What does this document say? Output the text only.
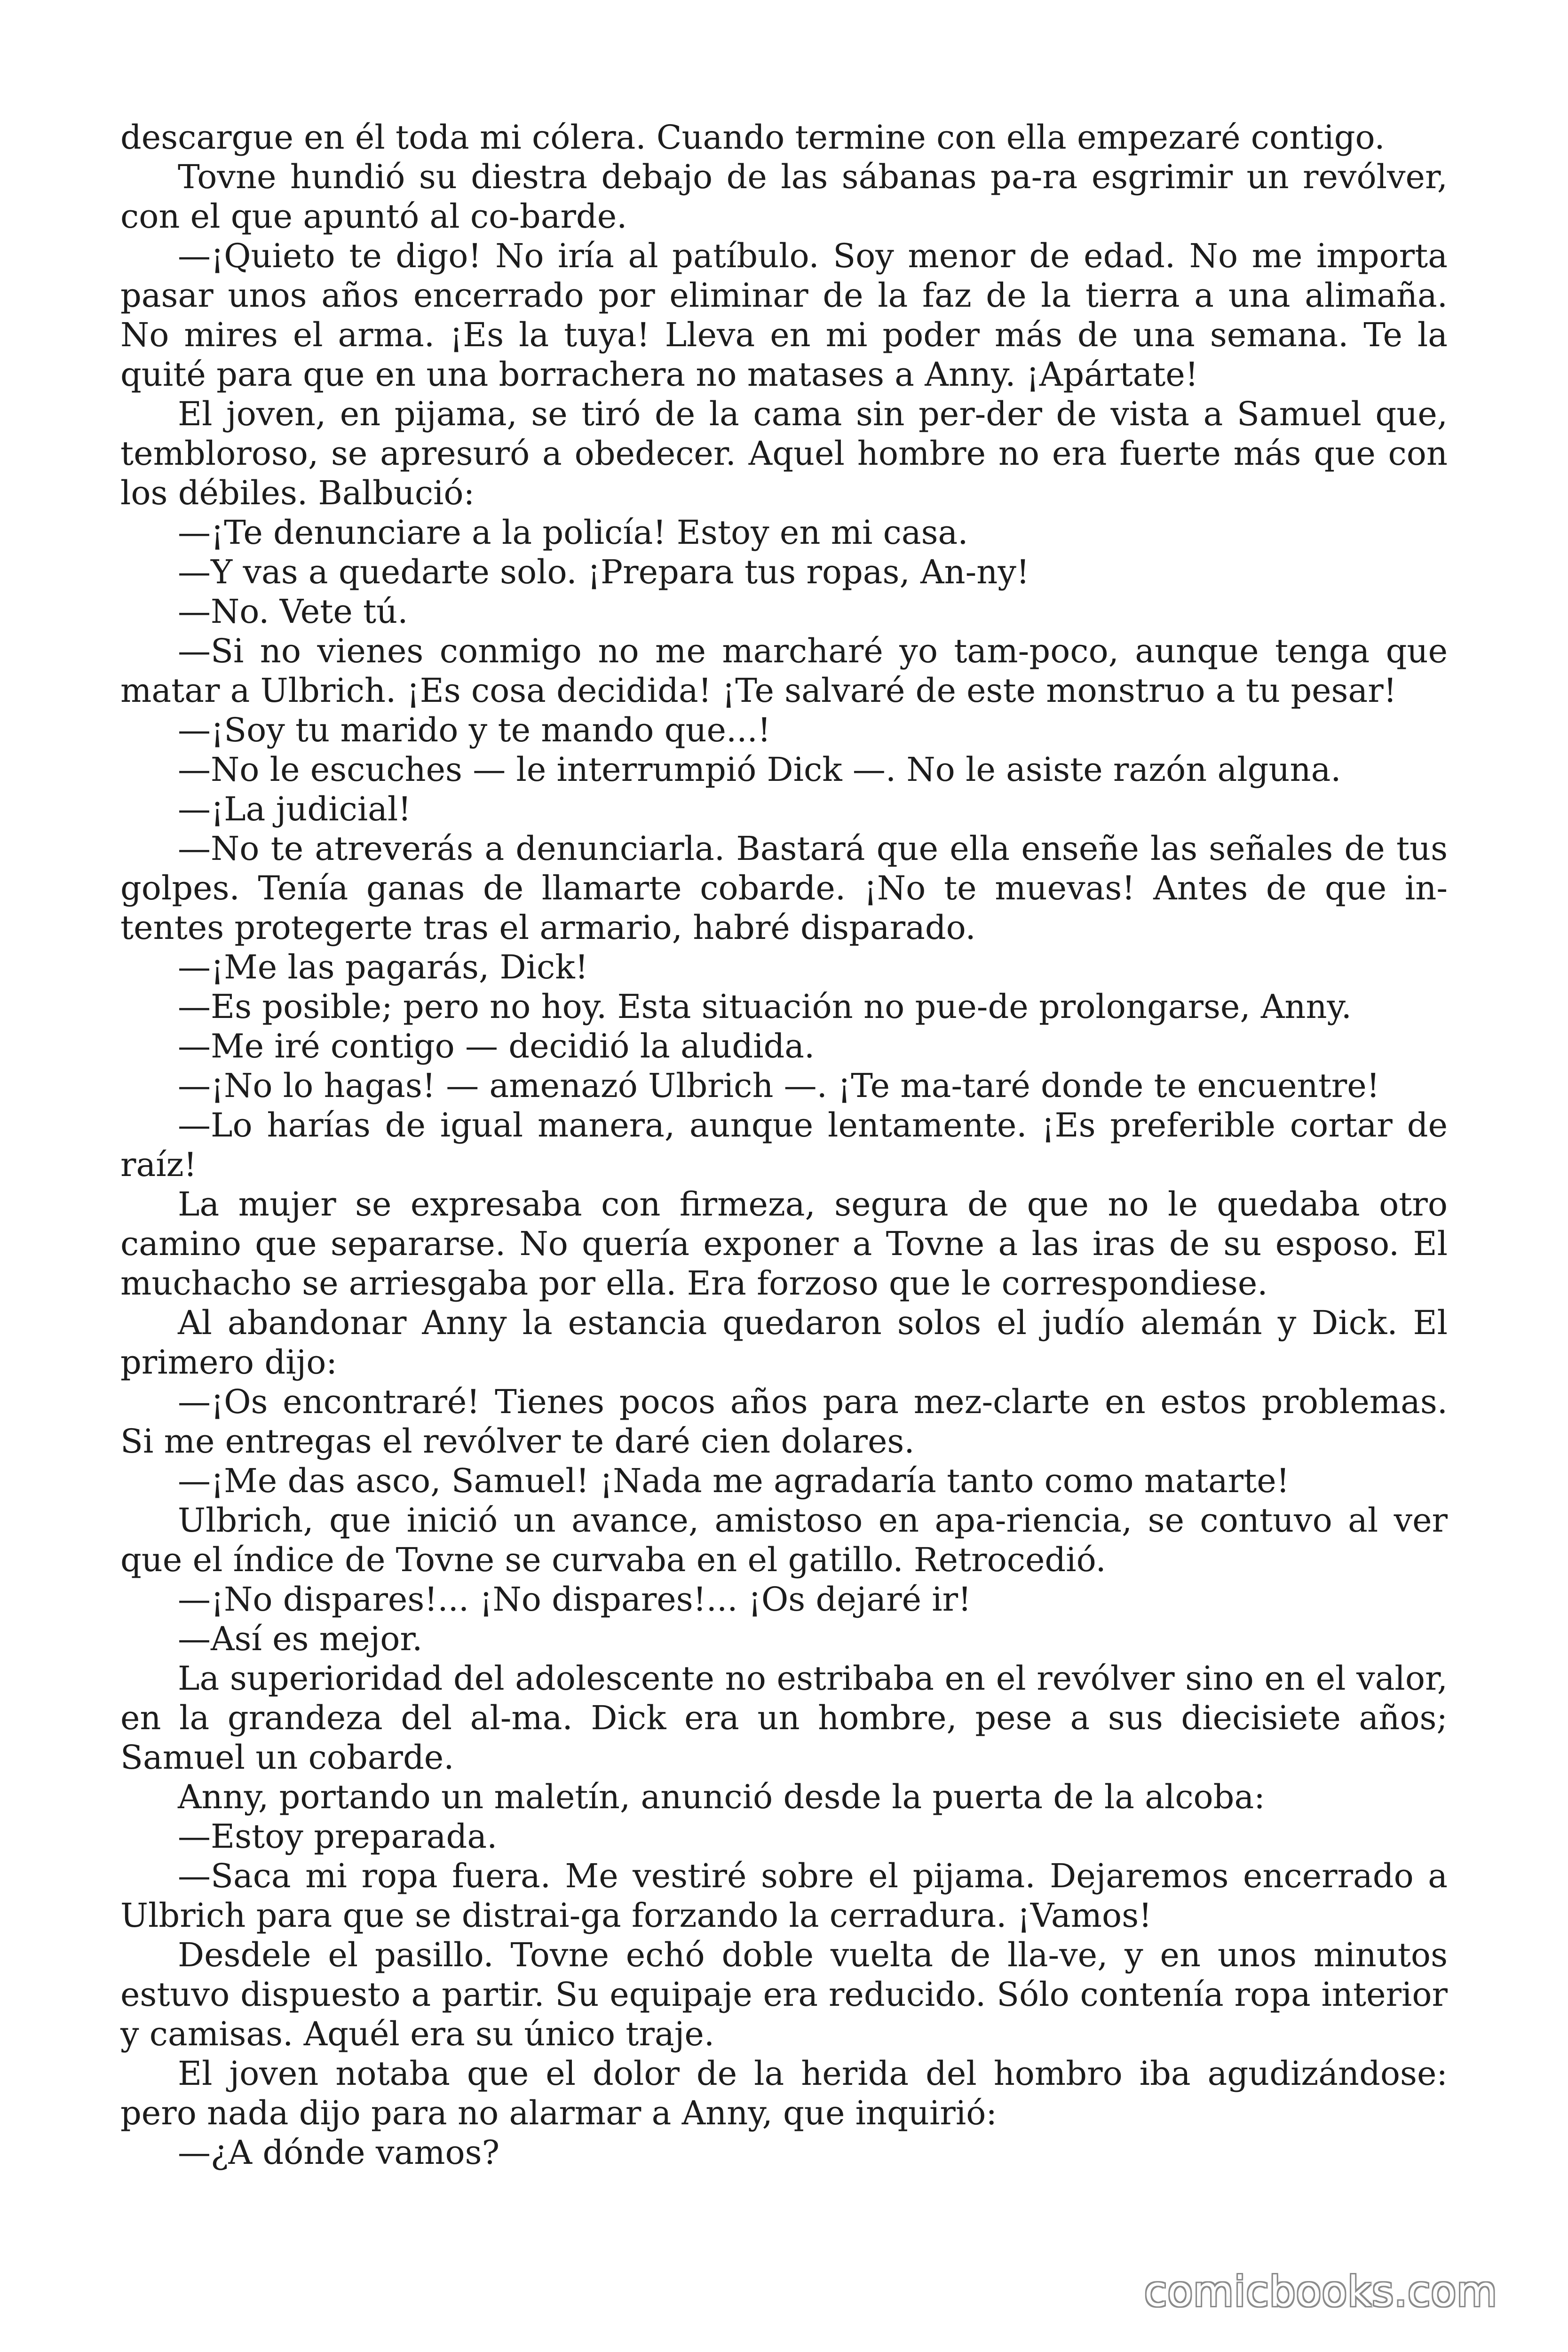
descargue en él toda mi cólera. Cuando termine con ella empezaré contigo.

Tovne hundió su diestra debajo de las sábanas pa-ra esgrimir un revólver, con el que apuntó al co-barde.

—¡Quieto te digo! No iría al patíbulo. Soy menor de edad. No me importa pasar unos años encerrado por eliminar de la faz de la tierra a una alimaña. No mires el arma. ¡Es la tuya! Lleva en mi poder más de una semana. Te la quité para que en una borrachera no matases a Anny. ¡Apártate!

El joven, en pijama, se tiró de la cama sin per-der de vista a Samuel que, tembloroso, se apresuró a obedecer. Aquel hombre no era fuerte más que con los débiles. Balbució:

—¡Te denunciare a la policía! Estoy en mi casa.

—Y vas a quedarte solo. ¡Prepara tus ropas, An-ny!

—No. Vete tú.

—Si no vienes conmigo no me marcharé yo tam-poco, aunque tenga que matar a Ulbrich. ¡Es cosa decidida! ¡Te salvaré de este monstruo a tu pesar!

—¡Soy tu marido y te mando que...!

—No le escuches — le interrumpió Dick —. No le asiste razón alguna.

—¡La judicial!

—No te atreverás a denunciarla. Bastará que ella enseñe las señales de tus golpes. Tenía ganas de llamarte cobarde. ¡No te muevas! Antes de que in-tentes protegerte tras el armario, habré disparado.

—¡Me las pagarás, Dick!

—Es posible; pero no hoy. Esta situación no pue-de prolongarse, Anny.

—Me iré contigo — decidió la aludida.

—¡No lo hagas! — amenazó Ulbrich —. ¡Te ma-taré donde te encuentre!

—Lo harías de igual manera, aunque lentamente. ¡Es preferible cortar de raíz!

La mujer se expresaba con firmeza, segura de que no le quedaba otro camino que separarse. No quería exponer a Tovne a las iras de su esposo. El muchacho se arriesgaba por ella. Era forzoso que le correspondiese.

Al abandonar Anny la estancia quedaron solos el judío alemán y Dick. El primero dijo:

—¡Os encontraré! Tienes pocos años para mez-clarte en estos problemas. Si me entregas el revólver te daré cien dolares.

—¡Me das asco, Samuel! ¡Nada me agradaría tanto como matarte!

Ulbrich, que inició un avance, amistoso en apa-riencia, se contuvo al ver que el índice de Tovne se curvaba en el gatillo. Retrocedió.

—¡No dispares!... ¡No dispares!... ¡Os dejaré ir!

—Así es mejor.

La superioridad del adolescente no estribaba en el revólver sino en el valor, en la grandeza del al-ma. Dick era un hombre, pese a sus diecisiete años; Samuel un cobarde.

Anny, portando un maletín, anunció desde la puerta de la alcoba:

—Estoy preparada.

—Saca mi ropa fuera. Me vestiré sobre el pijama. Dejaremos encerrado a Ulbrich para que se distrai-ga forzando la cerradura. ¡Vamos!

Desdele el pasillo. Tovne echó doble vuelta de lla-ve, y en unos minutos estuvo dispuesto a partir. Su equipaje era reducido. Sólo contenía ropa interior y camisas. Aquél era su único traje.

El joven notaba que el dolor de la herida del hombro iba agudizándose: pero nada dijo para no alarmar a Anny, que inquirió:

—¿A dónde vamos?

comicbooks.com
